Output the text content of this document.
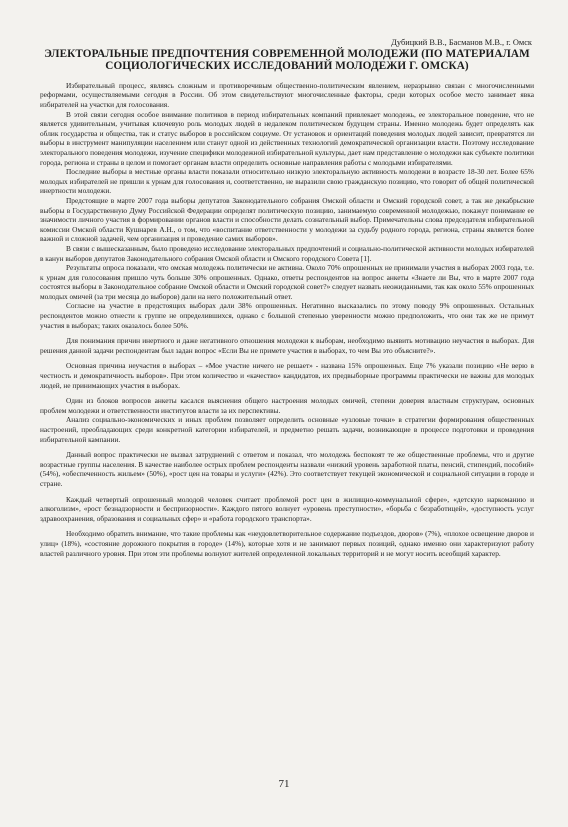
Дубицкий В.В., Басманов М.В., г. Омск
ЭЛЕКТОРАЛЬНЫЕ ПРЕДПОЧТЕНИЯ СОВРЕМЕННОЙ МОЛОДЕЖИ (ПО МАТЕРИАЛАМ
СОЦИОЛОГИЧЕСКИХ ИССЛЕДОВАНИЙ МОЛОДЕЖИ Г. ОМСКА)

Избирательный процесс, являясь сложным и противоречивым общественно-политическим явлением, неразрывно связан с многочисленными реформами, осуществляемыми сегодня в России. Об этом свидетельствуют многочисленные факторы, среди которых особое место занимает явка избирателей на участки для голосования.

В этой связи сегодня особое внимание политиков в период избирательных компаний привлекает молодежь, ее электоральное поведение, что не является удивительным, учитывая ключевую роль молодых людей в недалеком политическом будущем страны. Именно молодежь будет определять как облик государства и общества, так и статус выборов в российском социуме. От установок и ориентаций поведения молодых людей зависит, превратятся ли выборы в инструмент манипуляции населением или станут одной из действенных технологий демократической организации власти. Поэтому исследование электорального поведения молодежи, изучение специфики молодежной избирательной культуры, дает нам представление о молодежи как субъекте политики города, региона и страны в целом и помогает органам власти определить основные направления работы с молодыми избирателями.

Последние выборы в местные органы власти показали относительно низкую электоральную активность молодежи в возрасте 18-30 лет. Более 65% молодых избирателей не пришли к урнам для голосования и, соответственно, не выразили свою гражданскую позицию, что говорит об общей политической инертности молодежи.

Предстоящие в марте 2007 года выборы депутатов Законодательного собрания Омской области и Омский городской совет, а так же декабрьские выборы в Государственную Думу Российской Федерации определят политическую позицию, занимаемую современной молодежью, покажут понимание ее значимости личного участия в формировании органов власти и способности делать сознательный выбор. Примечательны слова председателя избирательной комиссии Омской области Кушнарев А.Н., о том, что «воспитание ответственности у молодежи за судьбу родного города, региона, страны является более важной и сложной задачей, чем организация и проведение самих выборов».

В связи с вышесказанным, было проведено исследование электоральных предпочтений и социально-политической активности молодых избирателей в канун выборов депутатов Законодательного собрания Омской области и Омского городского Совета [1].

Результаты опроса показали, что омская молодежь политически не активна. Около 70% опрошенных не принимали участия в выборах 2003 года, т.е. к урнам для голосования пришло чуть больше 30% опрошенных. Однако, ответы респондентов на вопрос анкеты «Знаете ли Вы, что в марте 2007 года состоятся выборы в Законодательное собрание Омской области и Омский городской совет?» следует назвать неожиданными, так как около 55% опрошенных молодых омичей (за три месяца до выборов) дали на него положительный ответ.

Согласие на участие в предстоящих выборах дали 38% опрошенных. Негативно высказались по этому поводу 9% опрошенных. Остальных респондентов можно отнести к группе не определившихся, однако с большой степенью уверенности можно предположить, что они так же не примут участия в выборах; таких оказалось более 50%.

Для понимания причин инертного и даже негативного отношения молодежи к выборам, необходимо выявить мотивацию неучастия в выборах. Для решения данной задачи респондентам был задан вопрос «Если Вы не примете участия в выборах, то чем Вы это объясните?».

Основная причина неучастия в выборах – «Мое участие ничего не решает» - названа 15% опрошенных. Еще 7% указали позицию «Не верю в честность и демократичность выборов». При этом количество и «качество» кандидатов, их предвыборные программы практически не важны для молодых людей, не принимающих участия в выборах.

Один из блоков вопросов анкеты касался выяснения общего настроения молодых омичей, степени доверия властным структурам, основных проблем молодежи и ответственности институтов власти за их перспективы.

Анализ социально-экономических и иных проблем позволяет определить основные «узловые точки» в стратегии формирования общественных настроений, преобладающих среди конкретной категории избирателей, и предметно решать задачи, возникающие в процессе подготовки и проведения избирательной кампании.

Данный вопрос практически не вызвал затруднений с ответом и показал, что молодежь беспокоят те же общественные проблемы, что и другие возрастные группы населения. В качестве наиболее острых проблем респонденты назвали «низкий уровень заработной платы, пенсий, стипендий, пособий» (54%), «обеспеченность жильем» (50%), «рост цен на товары и услуги» (42%). Это соответствует текущей экономической и социальной ситуации в городе и стране.

Каждый четвертый опрошенный молодой человек считает проблемой рост цен в жилищно-коммунальной сфере», «детскую наркоманию и алкоголизм», «рост безнадзорности и беспризорности». Каждого пятого волнует «уровень преступности», «борьба с безработицей», «доступность услуг здравоохранения, образования и социальных сфер» и «работа городского транспорта».

Необходимо обратить внимание, что такие проблемы как «неудовлетворительное содержание подъездов, дворов» (7%), «плохое освещение дворов и улиц» (18%), «состояние дорожного покрытия в городе» (14%), которые хотя и не занимают первых позиций, однако именно они характеризуют работу властей различного уровня. При этом эти проблемы волнуют жителей определенной локальных территорий и не могут носить всеобщий характер.

71
